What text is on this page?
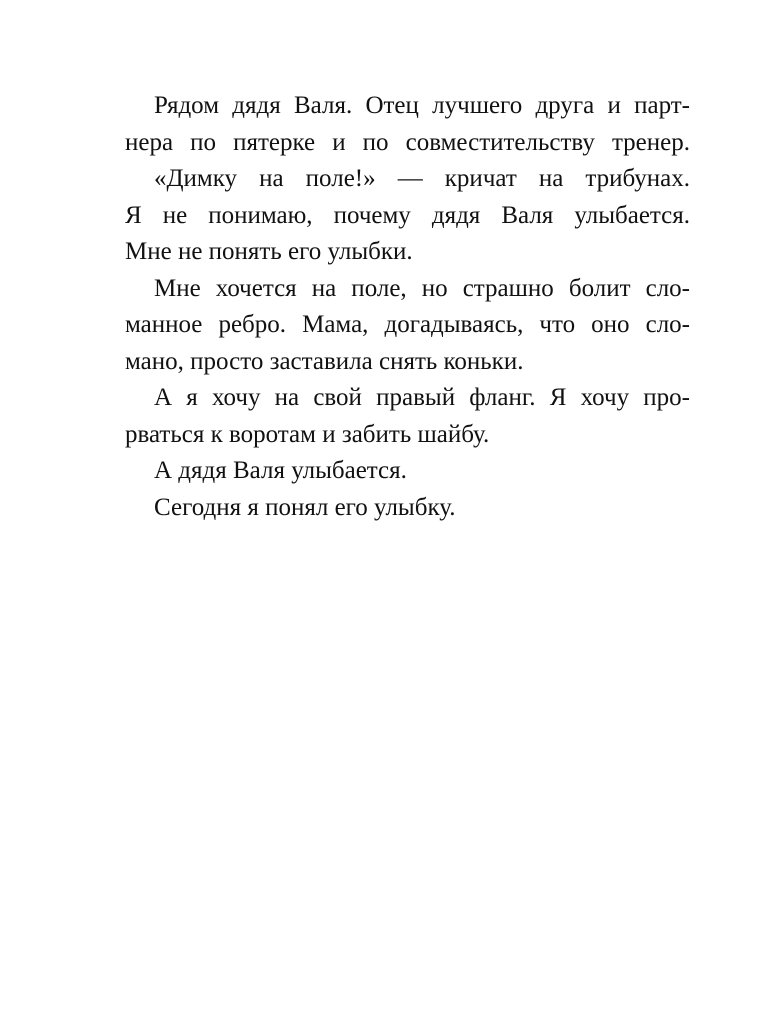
Рядом дядя Валя. Отец лучшего друга и парт-
нера по пятерке и по совместительству тренер.
«Димку на поле!» — кричат на трибунах.
Я не понимаю, почему дядя Валя улыбается.
Мне не понять его улыбки.
Мне хочется на поле, но страшно болит сло-
манное ребро. Мама, догадываясь, что оно сло-
мано, просто заставила снять коньки.
А я хочу на свой правый фланг. Я хочу про-
рваться к воротам и забить шайбу.
А дядя Валя улыбается.
Сегодня я понял его улыбку.
